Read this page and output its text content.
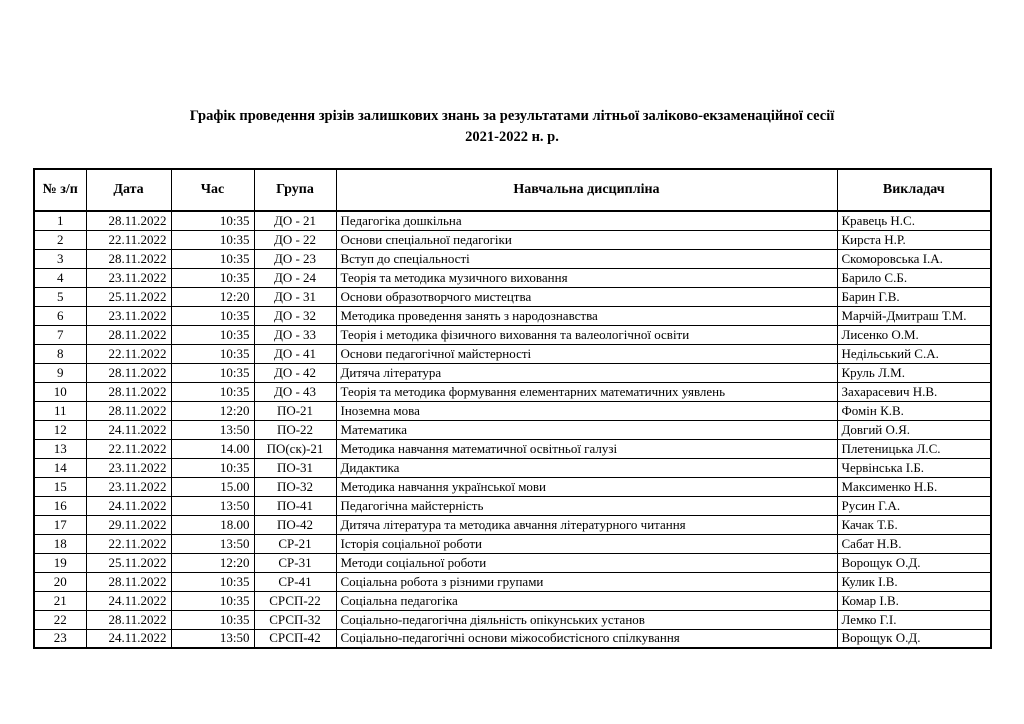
Графік проведення зрізів залишкових знань за результатами літньої заліково-екзаменаційної сесії
2021-2022 н. р.
№ з/п	Дата	Час	Група	Навчальна дисципліна	Викладач
1	28.11.2022	10:35	ДО - 21	Педагогіка дошкільна	Кравець Н.С.
2	22.11.2022	10:35	ДО - 22	Основи спеціальної педагогіки	Кирста Н.Р.
3	28.11.2022	10:35	ДО - 23	Вступ до спеціальності	Скоморовська І.А.
4	23.11.2022	10:35	ДО - 24	Теорія та методика музичного виховання	Барило С.Б.
5	25.11.2022	12:20	ДО - 31	Основи образотворчого мистецтва	Барин Г.В.
6	23.11.2022	10:35	ДО - 32	Методика проведення занять з народознавства	Марчій-Дмитраш Т.М.
7	28.11.2022	10:35	ДО - 33	Теорія і методика фізичного виховання та валеологічної освіти	Лисенко О.М.
8	22.11.2022	10:35	ДО - 41	Основи педагогічної майстерності	Недільський С.А.
9	28.11.2022	10:35	ДО - 42	Дитяча література	Круль Л.М.
10	28.11.2022	10:35	ДО - 43	Теорія та методика формування елементарних математичних уявлень	Захарасевич Н.В.
11	28.11.2022	12:20	ПО-21	Іноземна мова	Фомін К.В.
12	24.11.2022	13:50	ПО-22	Математика	Довгий О.Я.
13	22.11.2022	14.00	ПО(ск)-21	Методика навчання математичної освітньої галузі	Плетеницька Л.С.
14	23.11.2022	10:35	ПО-31	Дидактика	Червінська І.Б.
15	23.11.2022	15.00	ПО-32	Методика навчання української мови	Максименко Н.Б.
16	24.11.2022	13:50	ПО-41	Педагогічна майстерність	Русин Г.А.
17	29.11.2022	18.00	ПО-42	Дитяча література та методика авчання літературного читання	Качак Т.Б.
18	22.11.2022	13:50	СР-21	Історія соціальної роботи	Сабат Н.В.
19	25.11.2022	12:20	СР-31	Методи соціальної роботи	Ворощук О.Д.
20	28.11.2022	10:35	СР-41	Соціальна робота з різними групами	Кулик І.В.
21	24.11.2022	10:35	СРСП-22	Соціальна педагогіка	Комар І.В.
22	28.11.2022	10:35	СРСП-32	Соціально-педагогічна діяльність опікунських установ	Лемко Г.І.
23	24.11.2022	13:50	СРСП-42	Соціально-педагогічні основи міжособистісного спілкування	Ворощук О.Д.
